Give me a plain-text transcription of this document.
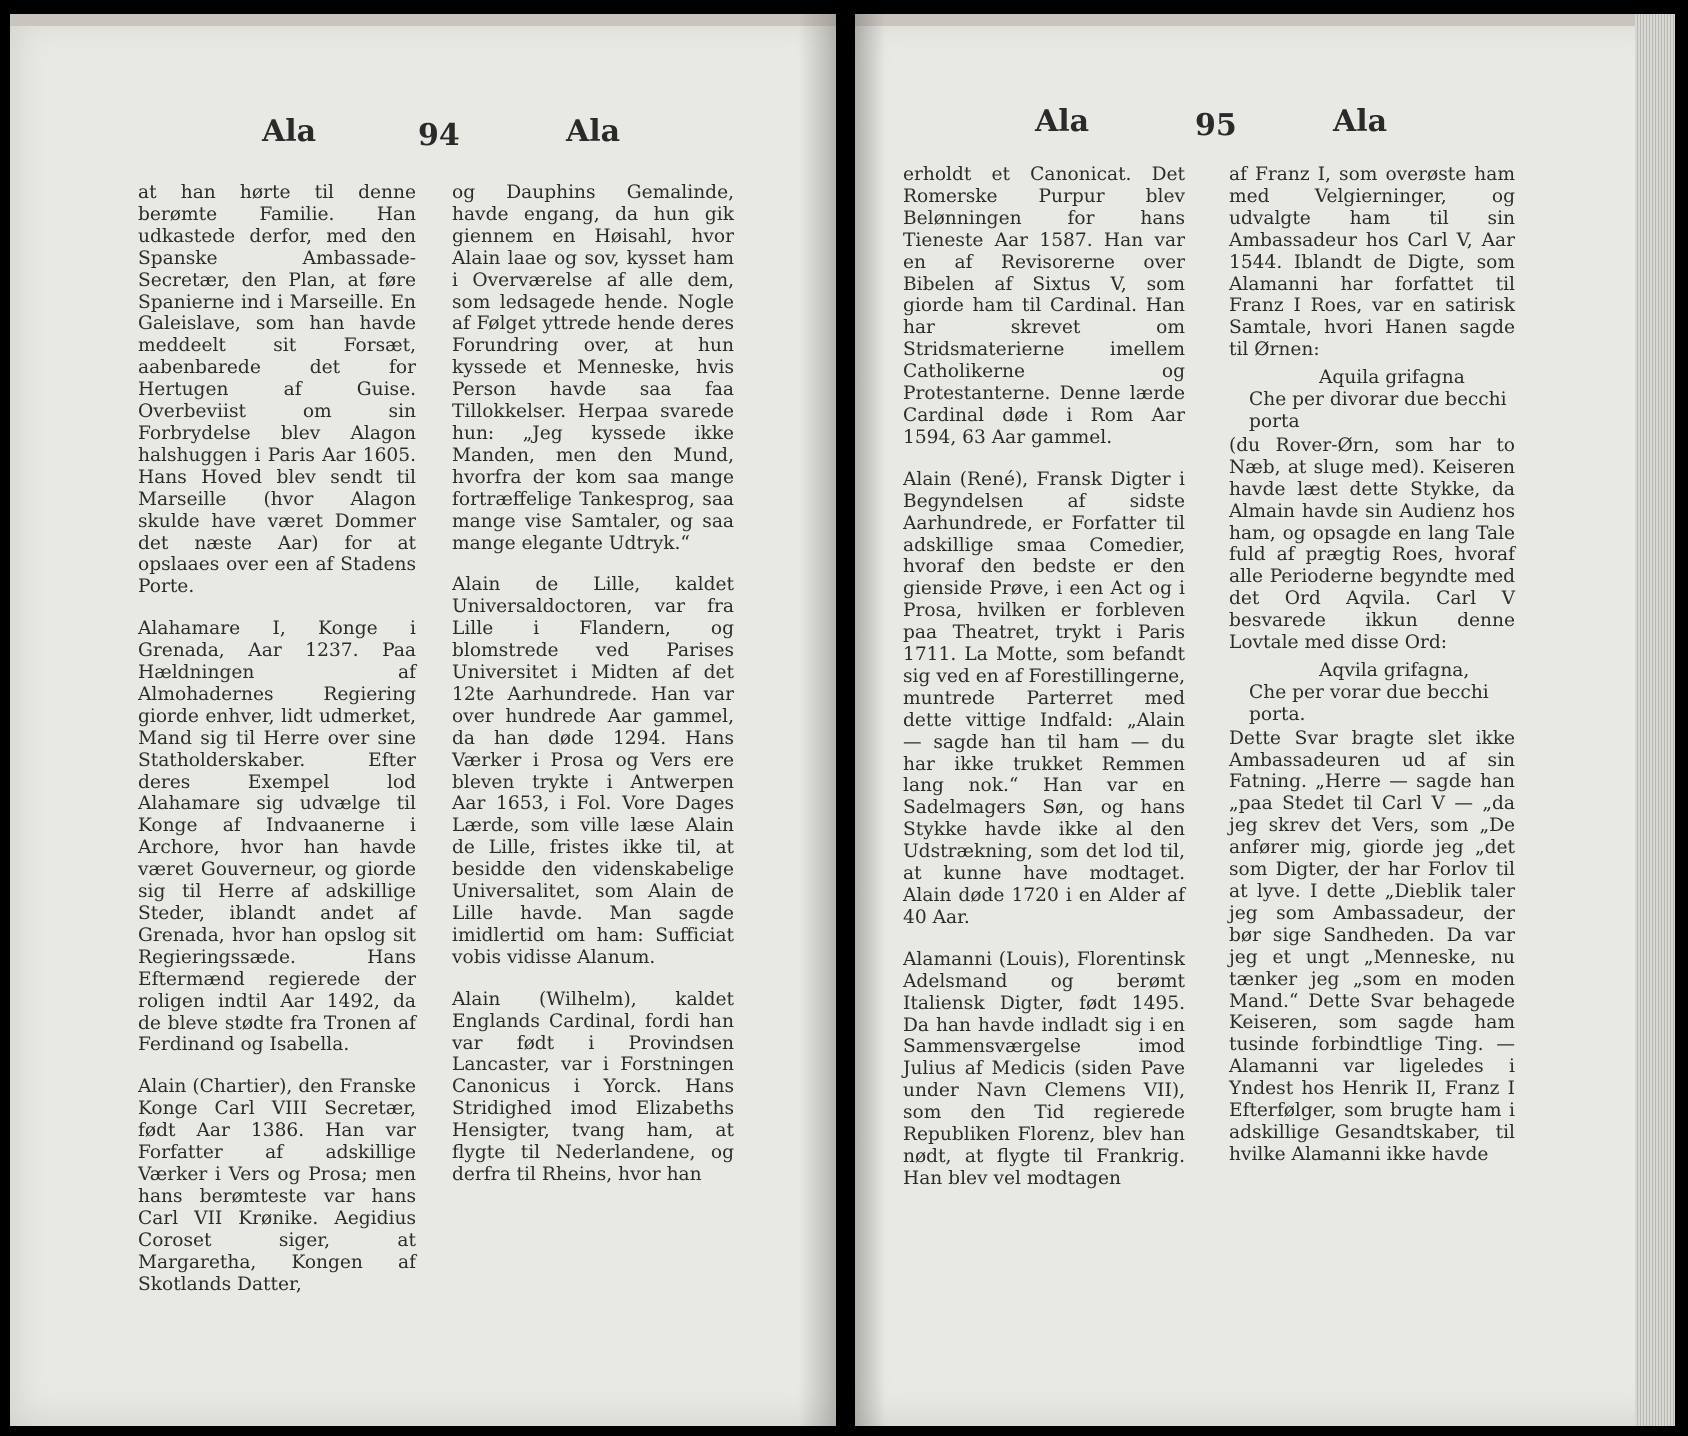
Ala	94	Ala

at han hørte til denne berømte Familie. Han udkastede derfor, med den Spanske Ambassade-Secretær, den Plan, at føre Spanierne ind i Marseille. En Galeislave, som han havde meddeelt sit Forsæt, aabenbarede det for Hertugen af Guise. Overbeviist om sin Forbrydelse blev Alagon halshuggen i Paris Aar 1605. Hans Hoved blev sendt til Marseille (hvor Alagon skulde have været Dommer det næste Aar) for at opslaaes over een af Stadens Porte.

Alahamare I, Konge i Grenada, Aar 1237. Paa Hældningen af Almohadernes Regiering giorde enhver, lidt udmerket, Mand sig til Herre over sine Statholderskaber. Efter deres Exempel lod Alahamare sig udvælge til Konge af Indvaanerne i Archore, hvor han havde været Gouverneur, og giorde sig til Herre af adskillige Steder, iblandt andet af Grenada, hvor han opslog sit Regieringssæde. Hans Eftermænd regierede der roligen indtil Aar 1492, da de bleve stødte fra Tronen af Ferdinand og Isabella.

Alain (Chartier), den Franske Konge Carl VIII Secretær, født Aar 1386. Han var Forfatter af adskillige Værker i Vers og Prosa; men hans berømteste var hans Carl VII Krønike. Aegidius Coroset siger, at Margaretha, Kongen af Skotlands Datter,

og Dauphins Gemalinde, havde engang, da hun gik giennem en Høisahl, hvor Alain laae og sov, kysset ham i Overværelse af alle dem, som ledsagede hende. Nogle af Følget yttrede hende deres Forundring over, at hun kyssede et Menneske, hvis Person havde saa faa Tillokkelser. Herpaa svarede hun: „Jeg kyssede ikke Manden, men den Mund, hvorfra der kom saa mange fortræffelige Tankesprog, saa mange vise Samtaler, og saa mange elegante Udtryk.“

Alain de Lille, kaldet Universaldoctoren, var fra Lille i Flandern, og blomstrede ved Parises Universitet i Midten af det 12te Aarhundrede. Han var over hundrede Aar gammel, da han døde 1294. Hans Værker i Prosa og Vers ere bleven trykte i Antwerpen Aar 1653, i Fol. Vore Dages Lærde, som ville læse Alain de Lille, fristes ikke til, at besidde den videnskabelige Universalitet, som Alain de Lille havde. Man sagde imidlertid om ham: Sufficiat vobis vidisse Alanum.

Alain (Wilhelm), kaldet Englands Cardinal, fordi han var født i Provindsen Lancaster, var i Forstningen Canonicus i Yorck. Hans Stridighed imod Elizabeths Hensigter, tvang ham, at flygte til Nederlandene, og derfra til Rheins, hvor han

Ala	95	Ala

erholdt et Canonicat. Det Romerske Purpur blev Belønningen for hans Tieneste Aar 1587. Han var en af Revisorerne over Bibelen af Sixtus V, som giorde ham til Cardinal. Han har skrevet om Stridsmaterierne imellem Catholikerne og Protestanterne. Denne lærde Cardinal døde i Rom Aar 1594, 63 Aar gammel.

Alain (René), Fransk Digter i Begyndelsen af sidste Aarhundrede, er Forfatter til adskillige smaa Comedier, hvoraf den bedste er den gienside Prøve, i een Act og i Prosa, hvilken er forbleven paa Theatret, trykt i Paris 1711. La Motte, som befandt sig ved en af Forestillingerne, muntrede Parterret med dette vittige Indfald: „Alain — sagde han til ham — du har ikke trukket Remmen lang nok.“ Han var en Sadelmagers Søn, og hans Stykke havde ikke al den Udstrækning, som det lod til, at kunne have modtaget. Alain døde 1720 i en Alder af 40 Aar.

Alamanni (Louis), Florentinsk Adelsmand og berømt Italiensk Digter, født 1495. Da han havde indladt sig i en Sammensværgelse imod Julius af Medicis (siden Pave under Navn Clemens VII), som den Tid regierede Republiken Florenz, blev han nødt, at flygte til Frankrig. Han blev vel modtagen

af Franz I, som overøste ham med Velgierninger, og udvalgte ham til sin Ambassadeur hos Carl V, Aar 1544. Iblandt de Digte, som Alamanni har forfattet til Franz I Roes, var en satirisk Samtale, hvori Hanen sagde til Ørnen:

Aquila grifagna

Che per divorar due becchi porta

(du Rover-Ørn, som har to Næb, at sluge med). Keiseren havde læst dette Stykke, da Almain havde sin Audienz hos ham, og opsagde en lang Tale fuld af prægtig Roes, hvoraf alle Perioderne begyndte med det Ord Aqvila. Carl V besvarede ikkun denne Lovtale med disse Ord:

Aqvila grifagna,

Che per vorar due becchi porta.

Dette Svar bragte slet ikke Ambassadeuren ud af sin Fatning. „Herre — sagde han „paa Stedet til Carl V — „da jeg skrev det Vers, som „De anfører mig, giorde jeg „det som Digter, der har Forlov til at lyve. I dette „Dieblik taler jeg som Ambassadeur, der bør sige Sandheden. Da var jeg et ungt „Menneske, nu tænker jeg „som en moden Mand.“ Dette Svar behagede Keiseren, som sagde ham tusinde forbindtlige Ting. — Alamanni var ligeledes i Yndest hos Henrik II, Franz I Efterfølger, som brugte ham i adskillige Gesandtskaber, til hvilke Alamanni ikke havde
